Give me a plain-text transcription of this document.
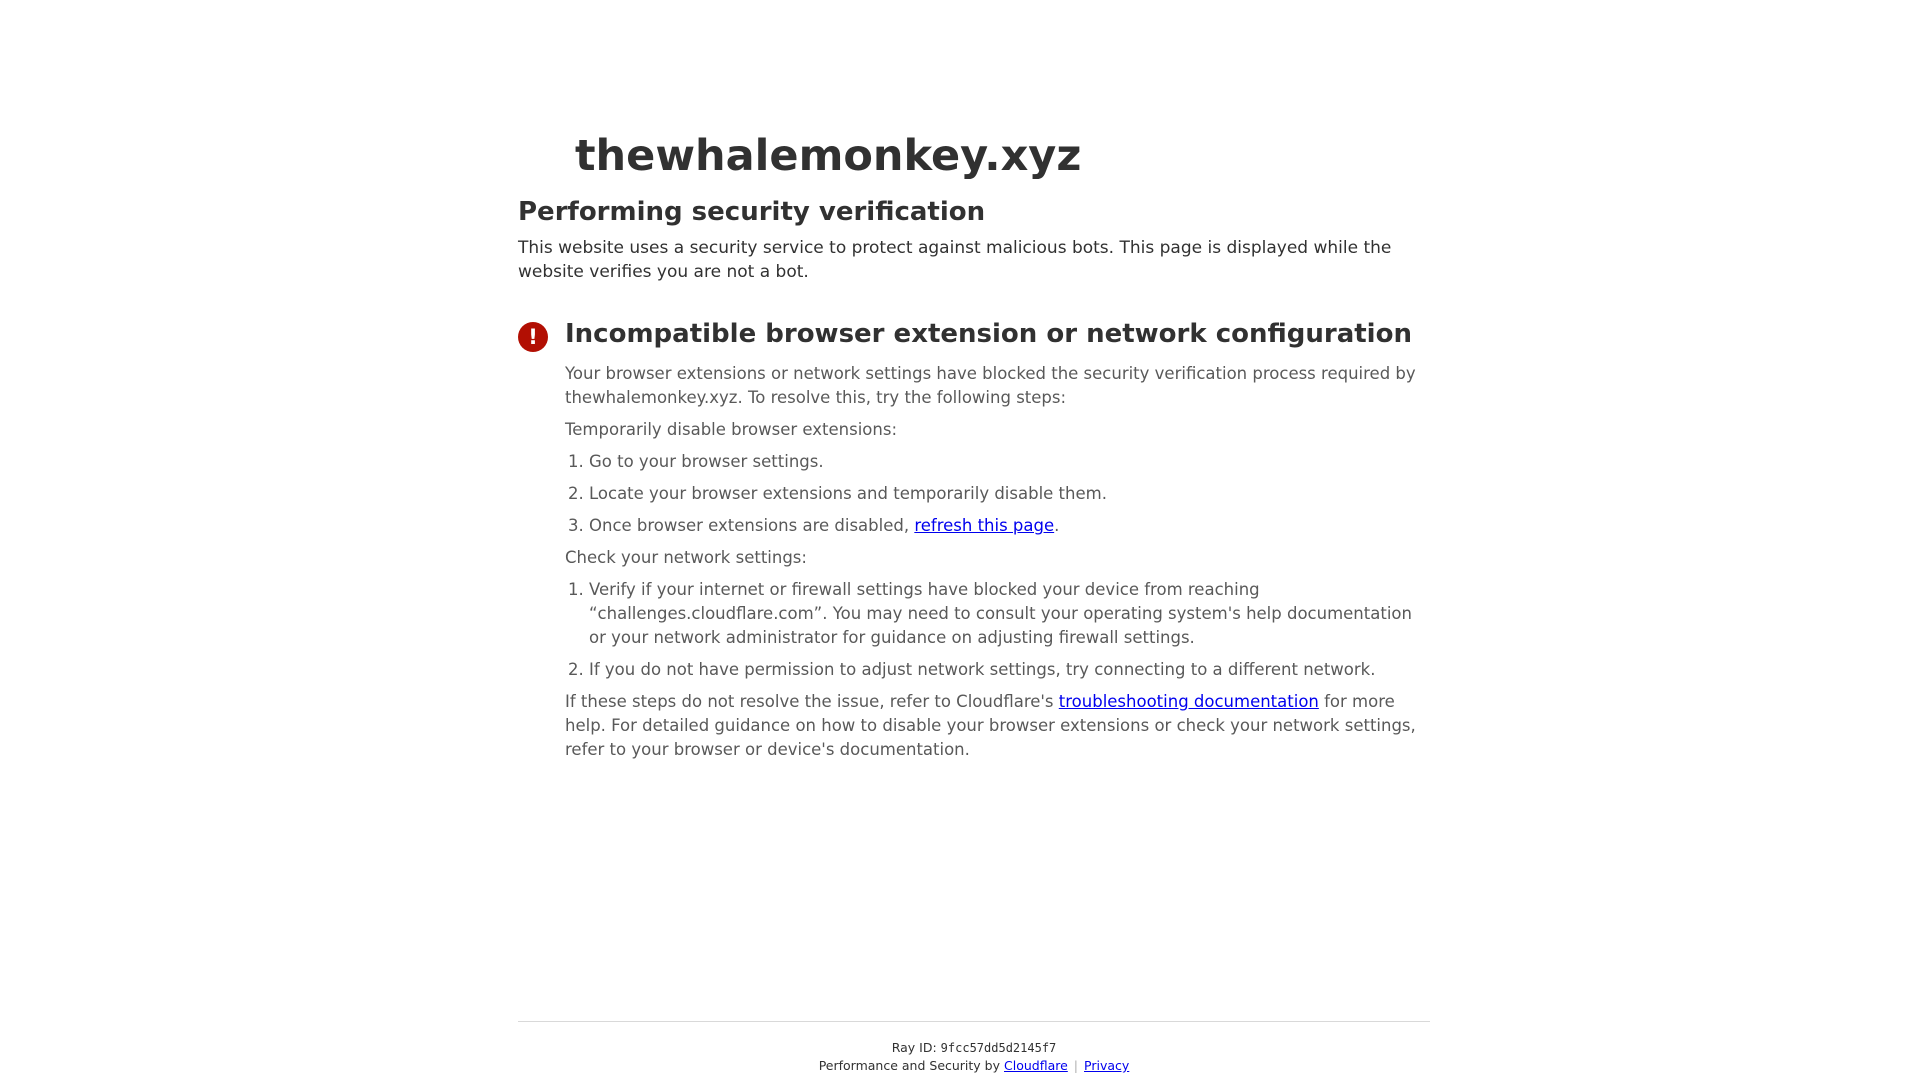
thewhalemonkey.xyz
Performing security verification

This website uses a security service to protect against malicious bots. This page is displayed while the website verifies you are not a bot.

!	Incompatible browser extension or network configuration

Your browser extensions or network settings have blocked the security verification process required by thewhalemonkey.xyz. To resolve this, try the following steps:

Temporarily disable browser extensions:

1. Go to your browser settings.
2. Locate your browser extensions and temporarily disable them.
3. Once browser extensions are disabled, refresh this page.

Check your network settings:

1. Verify if your internet or firewall settings have blocked your device from reaching “challenges.cloudflare.com”. You may need to consult your operating system's help documentation or your network administrator for guidance on adjusting firewall settings.
2. If you do not have permission to adjust network settings, try connecting to a different network.

If these steps do not resolve the issue, refer to Cloudflare's troubleshooting documentation for more help. For detailed guidance on how to disable your browser extensions or check your network settings, refer to your browser or device's documentation.

Ray ID: 9fcc57dd5d2145f7
Performance and Security by Cloudflare | Privacy
